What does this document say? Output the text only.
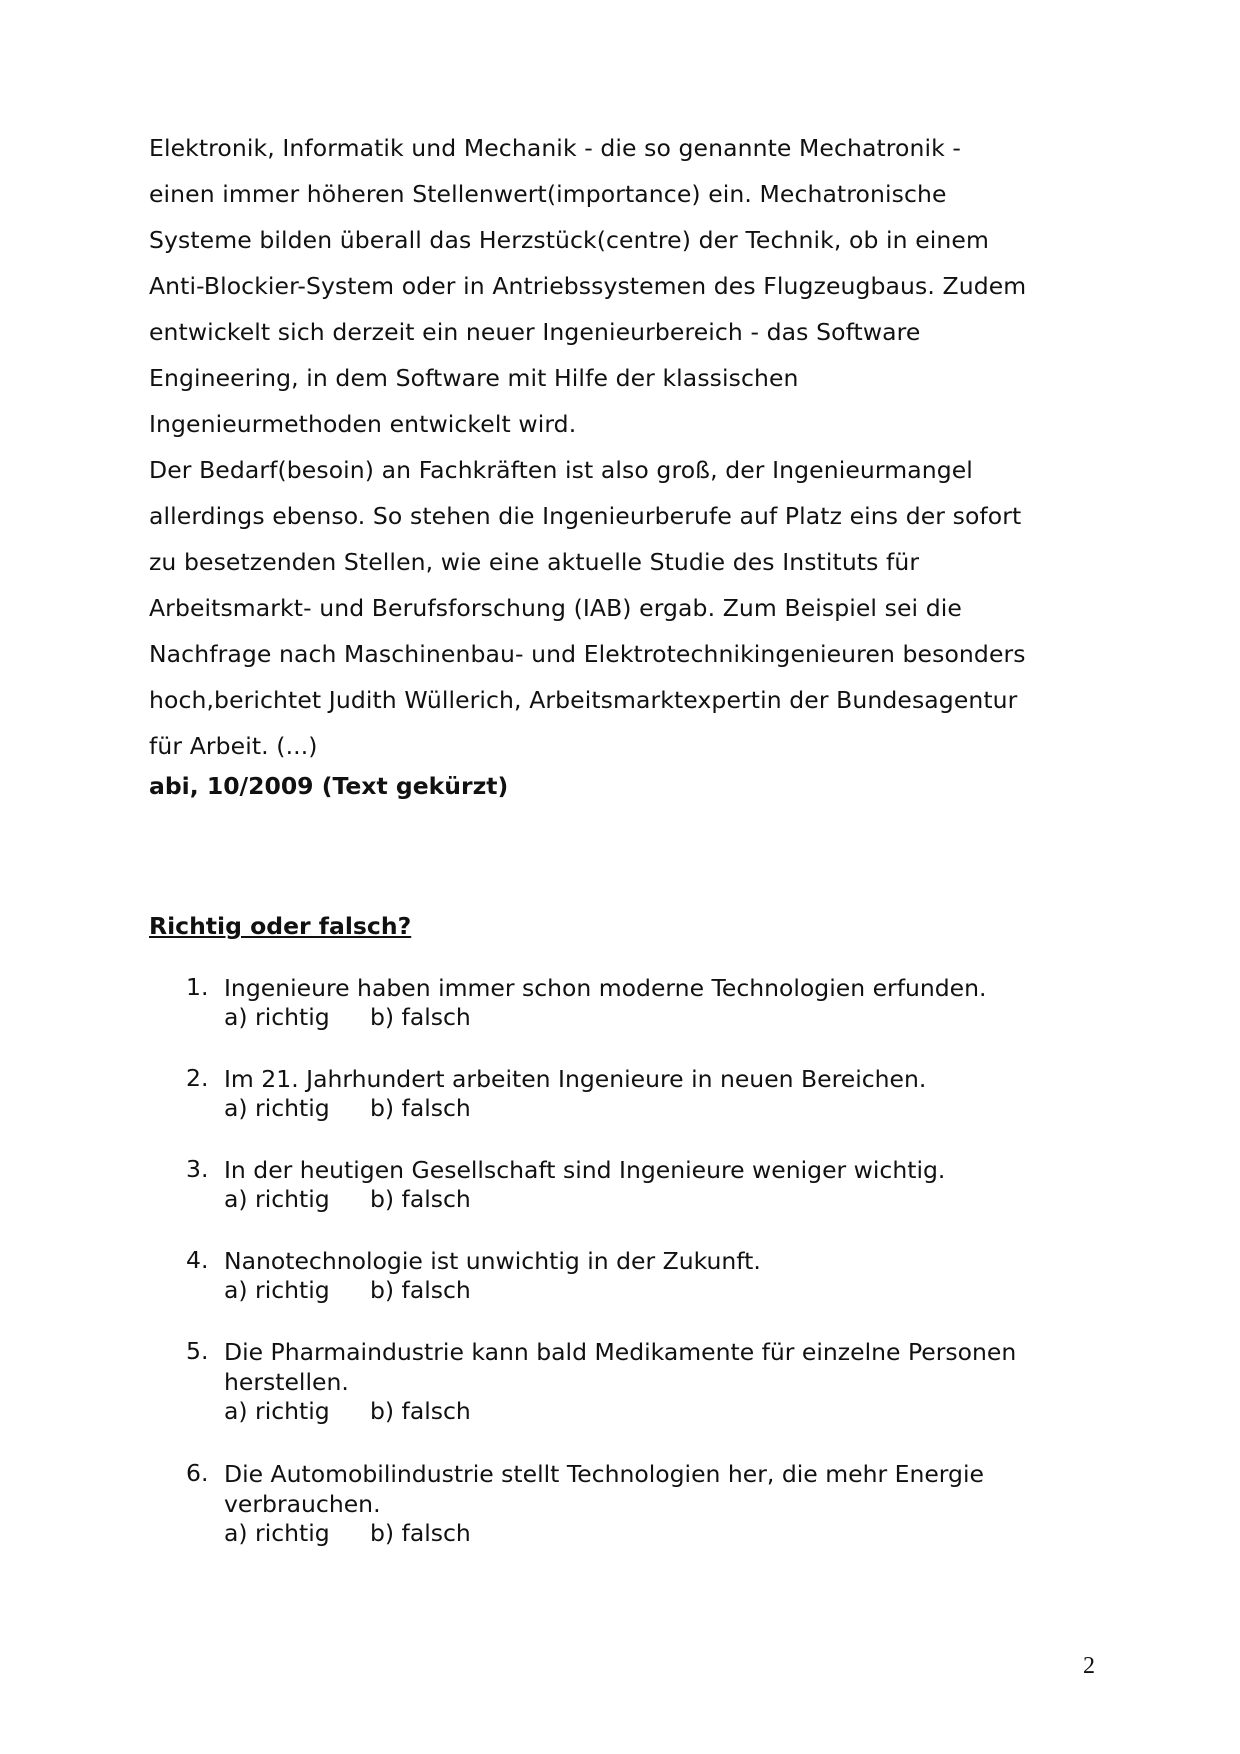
Elektronik, Informatik und Mechanik - die so genannte Mechatronik -
einen immer höheren Stellenwert(importance) ein. Mechatronische
Systeme bilden überall das Herzstück(centre) der Technik, ob in einem
Anti-Blockier-System oder in Antriebssystemen des Flugzeugbaus. Zudem
entwickelt sich derzeit ein neuer Ingenieurbereich - das Software
Engineering, in dem Software mit Hilfe der klassischen
Ingenieurmethoden entwickelt wird.
Der Bedarf(besoin) an Fachkräften ist also groß, der Ingenieurmangel
allerdings ebenso. So stehen die Ingenieurberufe auf Platz eins der sofort
zu besetzenden Stellen, wie eine aktuelle Studie des Instituts für
Arbeitsmarkt- und Berufsforschung (IAB) ergab. Zum Beispiel sei die
Nachfrage nach Maschinenbau- und Elektrotechnikingenieuren besonders
hoch,berichtet Judith Wüllerich, Arbeitsmarktexpertin der Bundesagentur
für Arbeit. (...)
abi, 10/2009 (Text gekürzt)
Richtig oder falsch?
1. Ingenieure haben immer schon moderne Technologien erfunden.
a) richtig b) falsch
2. Im 21. Jahrhundert arbeiten Ingenieure in neuen Bereichen.
a) richtig b) falsch
3. In der heutigen Gesellschaft sind Ingenieure weniger wichtig.
a) richtig b) falsch
4. Nanotechnologie ist unwichtig in der Zukunft.
a) richtig b) falsch
5. Die Pharmaindustrie kann bald Medikamente für einzelne Personen
herstellen.
a) richtig b) falsch
6. Die Automobilindustrie stellt Technologien her, die mehr Energie
verbrauchen.
a) richtig b) falsch
2
